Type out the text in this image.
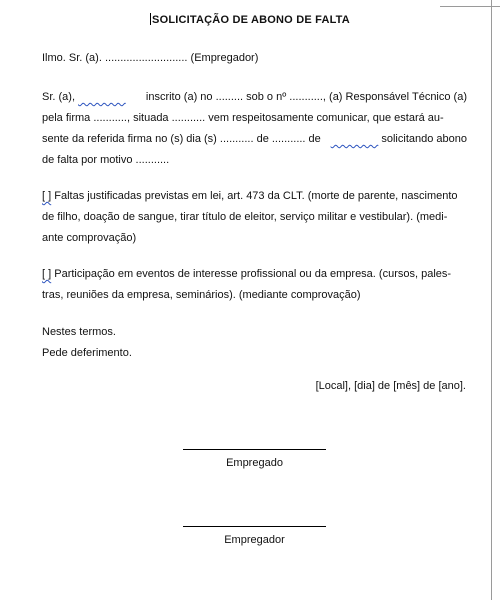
SOLICITAÇÃO DE ABONO DE FALTA
Ilmo. Sr. (a). ........................... (Empregador)
Sr. (a),	inscrito (a) no ......... sob o nº ..........., (a) Responsável Técnico (a)
pela firma ..........., situada ........... vem respeitosamente comunicar, que estará au-
sente da referida firma no (s) dia (s) ........... de ........... de	solicitando abono
de falta por motivo ...........
[ ] Faltas justificadas previstas em lei, art. 473 da CLT. (morte de parente, nascimento
de filho, doação de sangue, tirar título de eleitor, serviço militar e vestibular). (medi-
ante comprovação)
[ ] Participação em eventos de interesse profissional ou da empresa. (cursos, pales-
tras, reuniões da empresa, seminários). (mediante comprovação)
Nestes termos.
Pede deferimento.
[Local], [dia] de [mês] de [ano].
Empregado
Empregador
